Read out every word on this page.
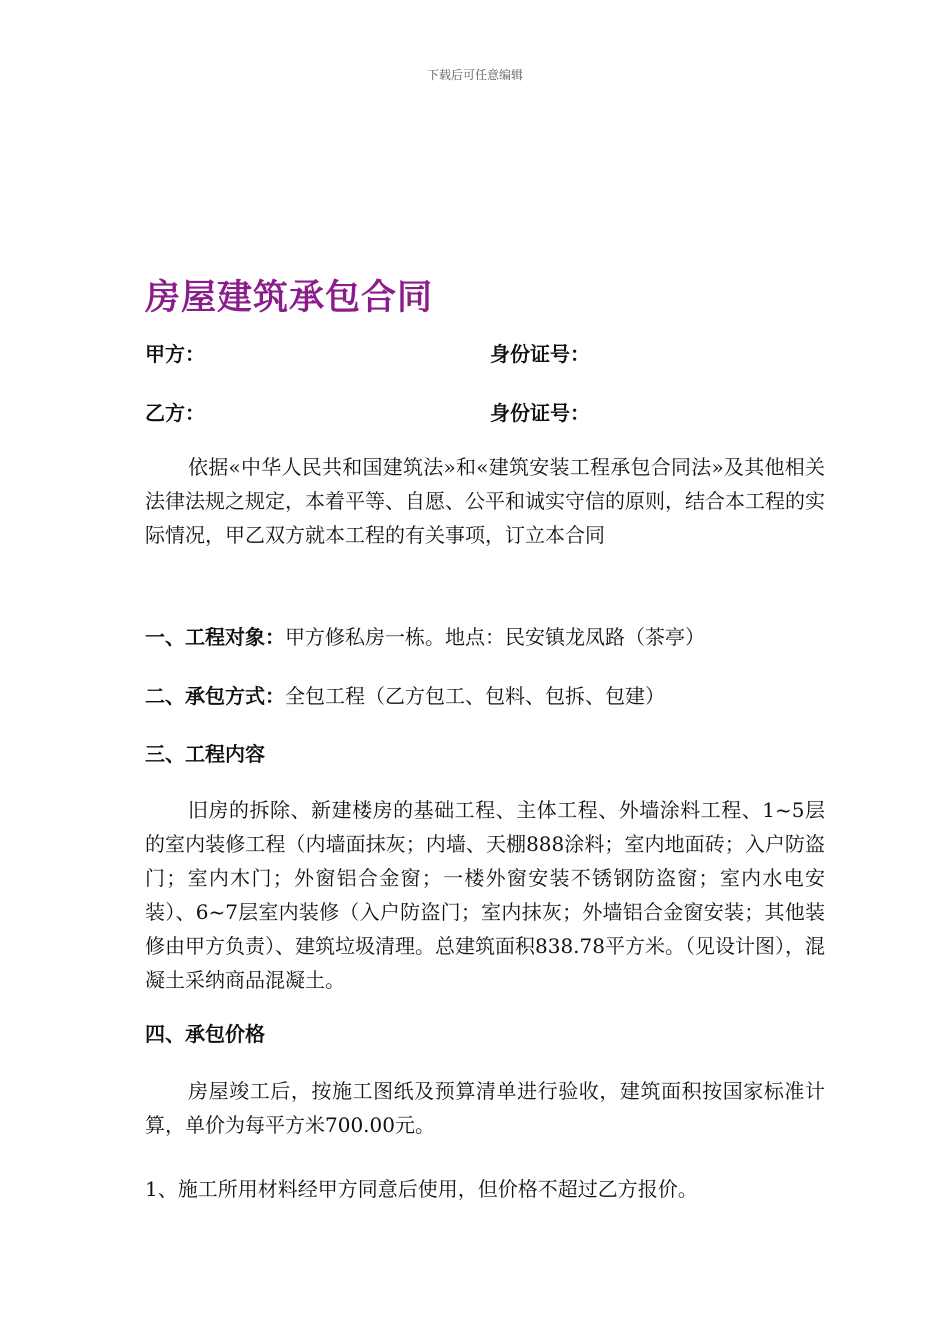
下载后可任意编辑
房屋建筑承包合同
甲方：	身份证号：
乙方：	身份证号：

依据«中华人民共和国建筑法»和«建筑安装工程承包合同法»及其他相关法律法规之规定，本着平等、自愿、公平和诚实守信的原则，结合本工程的实际情况，甲乙双方就本工程的有关事项，订立本合同

一、工程对象：甲方修私房一栋。地点：民安镇龙凤路（茶亭）

二、承包方式：全包工程（乙方包工、包料、包拆、包建）

三、工程内容

旧房的拆除、新建楼房的基础工程、主体工程、外墙涂料工程、1~5层的室内装修工程（内墙面抹灰；内墙、天棚888涂料；室内地面砖；入户防盗门；室内木门；外窗铝合金窗；一楼外窗安装不锈钢防盗窗；室内水电安装）、6~7层室内装修（入户防盗门；室内抹灰；外墙铝合金窗安装；其他装修由甲方负责）、建筑垃圾清理。总建筑面积838.78平方米。（见设计图），混凝土采纳商品混凝土。

四、承包价格

房屋竣工后，按施工图纸及预算清单进行验收，建筑面积按国家标准计算，单价为每平方米700.00元。

1、施工所用材料经甲方同意后使用，但价格不超过乙方报价。
